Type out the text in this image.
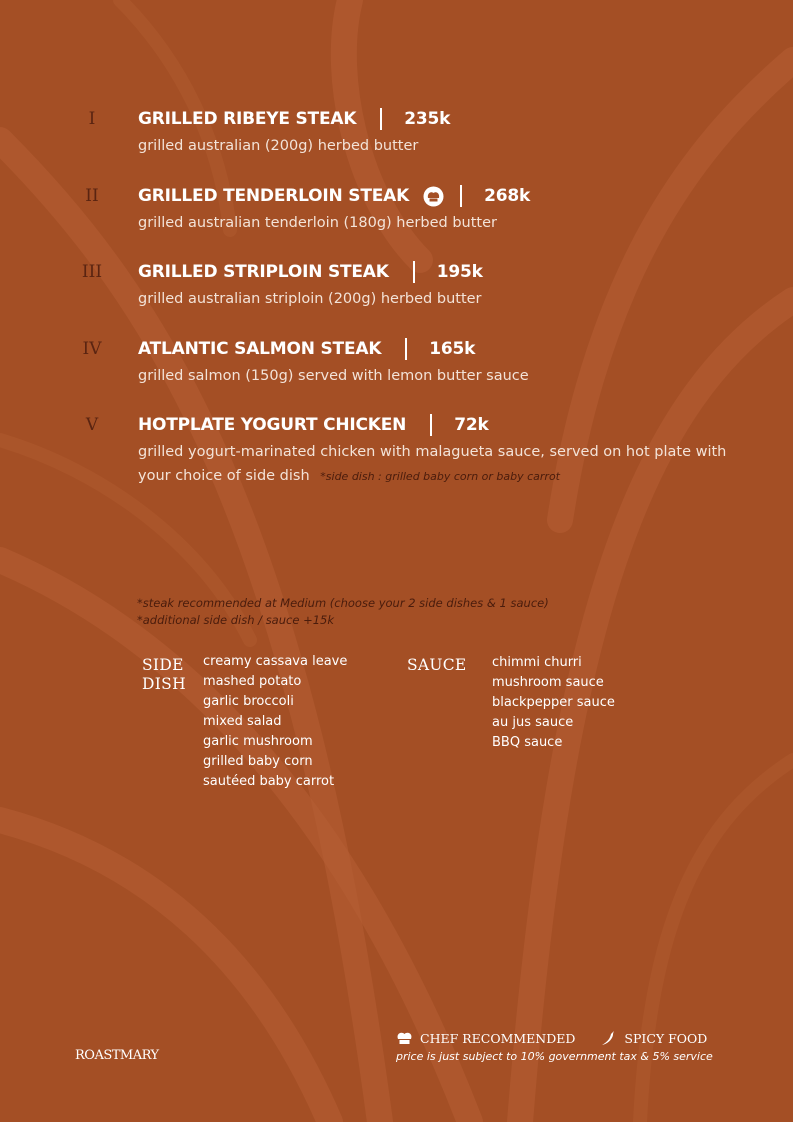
I	GRILLED RIBEYE STEAK	235k
grilled australian (200g) herbed butter
II	GRILLED TENDERLOIN STEAK	268k
grilled australian tenderloin (180g) herbed butter
III	GRILLED STRIPLOIN STEAK	195k
grilled australian striploin (200g) herbed butter
IV	ATLANTIC SALMON STEAK	165k
grilled salmon (150g) served with lemon butter sauce
V	HOTPLATE YOGURT CHICKEN	72k
grilled yogurt-marinated chicken with malagueta sauce, served on hot plate with your choice of side dish *side dish : grilled baby corn or baby carrot
*steak recommended at Medium (choose your 2 side dishes & 1 sauce)
*additional side dish / sauce +15k
SIDE
DISH
creamy cassava leave
mashed potato
garlic broccoli
mixed salad
garlic mushroom
grilled baby corn
sautéed baby carrot
SAUCE chimmi churri
mushroom sauce
blackpepper sauce
au jus sauce
BBQ sauce
ROASTMARY
CHEF RECOMMENDED	SPICY FOOD
price is just subject to 10% government tax & 5% service
